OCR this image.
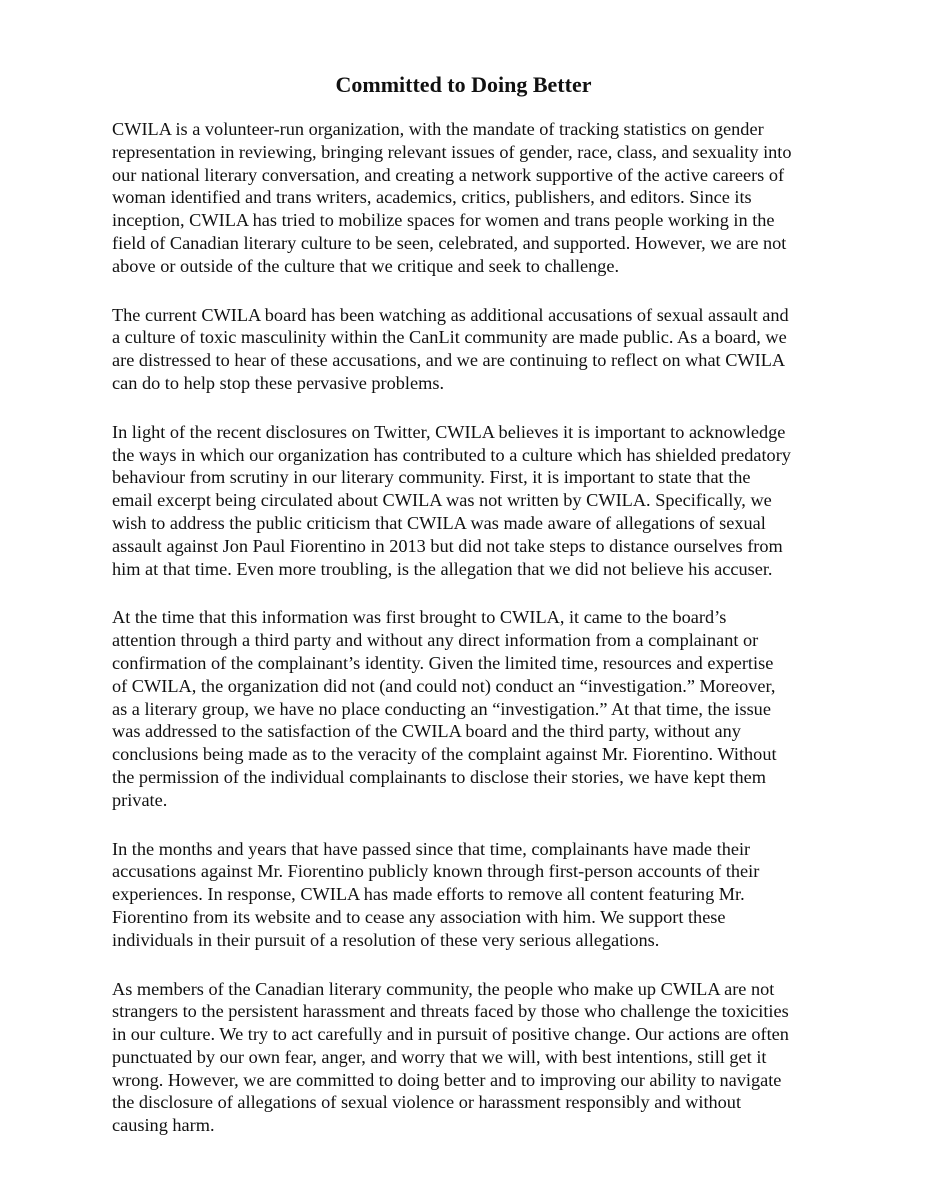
Committed to Doing Better

CWILA is a volunteer-run organization, with the mandate of tracking statistics on gender
representation in reviewing, bringing relevant issues of gender, race, class, and sexuality into
our national literary conversation, and creating a network supportive of the active careers of
woman identified and trans writers, academics, critics, publishers, and editors. Since its
inception, CWILA has tried to mobilize spaces for women and trans people working in the
field of Canadian literary culture to be seen, celebrated, and supported. However, we are not
above or outside of the culture that we critique and seek to challenge.

The current CWILA board has been watching as additional accusations of sexual assault and
a culture of toxic masculinity within the CanLit community are made public. As a board, we
are distressed to hear of these accusations, and we are continuing to reflect on what CWILA
can do to help stop these pervasive problems.

In light of the recent disclosures on Twitter, CWILA believes it is important to acknowledge
the ways in which our organization has contributed to a culture which has shielded predatory
behaviour from scrutiny in our literary community. First, it is important to state that the
email excerpt being circulated about CWILA was not written by CWILA. Specifically, we
wish to address the public criticism that CWILA was made aware of allegations of sexual
assault against Jon Paul Fiorentino in 2013 but did not take steps to distance ourselves from
him at that time. Even more troubling, is the allegation that we did not believe his accuser.

At the time that this information was first brought to CWILA, it came to the board’s
attention through a third party and without any direct information from a complainant or
confirmation of the complainant’s identity. Given the limited time, resources and expertise
of CWILA, the organization did not (and could not) conduct an “investigation.” Moreover,
as a literary group, we have no place conducting an “investigation.” At that time, the issue
was addressed to the satisfaction of the CWILA board and the third party, without any
conclusions being made as to the veracity of the complaint against Mr. Fiorentino. Without
the permission of the individual complainants to disclose their stories, we have kept them
private.

In the months and years that have passed since that time, complainants have made their
accusations against Mr. Fiorentino publicly known through first-person accounts of their
experiences. In response, CWILA has made efforts to remove all content featuring Mr.
Fiorentino from its website and to cease any association with him. We support these
individuals in their pursuit of a resolution of these very serious allegations.

As members of the Canadian literary community, the people who make up CWILA are not
strangers to the persistent harassment and threats faced by those who challenge the toxicities
in our culture. We try to act carefully and in pursuit of positive change. Our actions are often
punctuated by our own fear, anger, and worry that we will, with best intentions, still get it
wrong. However, we are committed to doing better and to improving our ability to navigate
the disclosure of allegations of sexual violence or harassment responsibly and without
causing harm.
